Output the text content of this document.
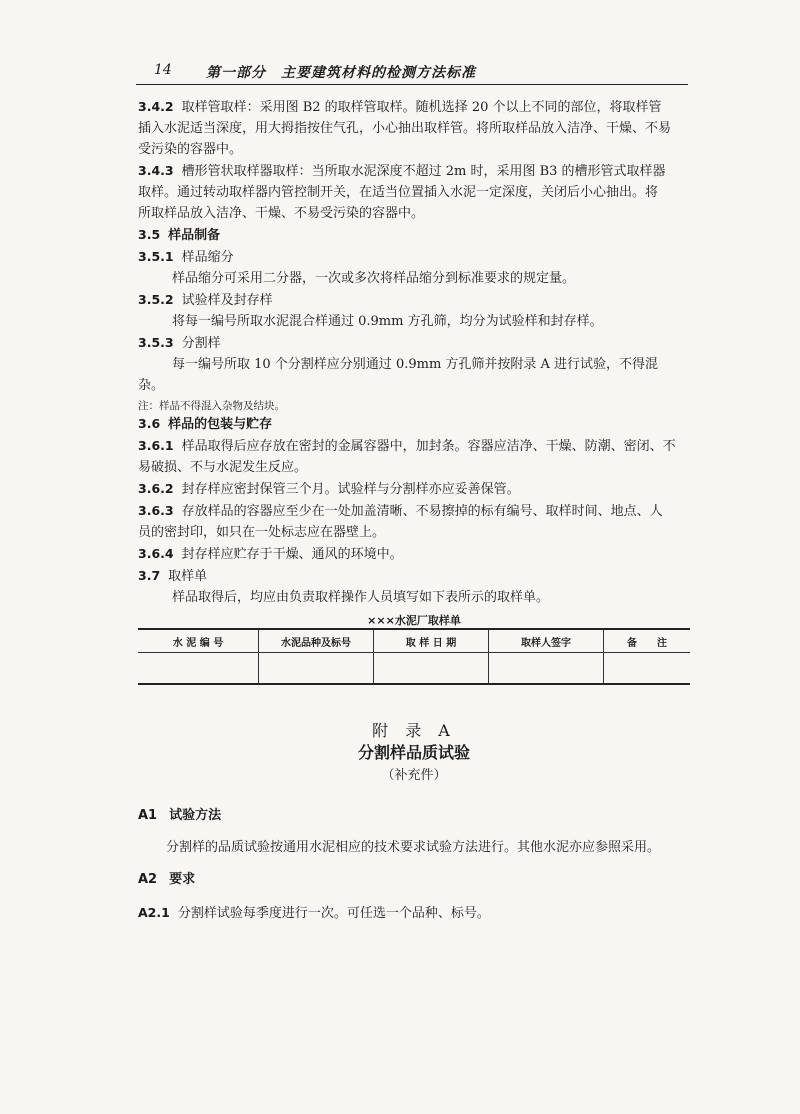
14 第一部分　主要建筑材料的检测方法标准
3.4.2 取样管取样：采用图 B2 的取样管取样。随机选择 20 个以上不同的部位，将取样管
插入水泥适当深度，用大拇指按住气孔，小心抽出取样管。将所取样品放入洁净、干燥、不易
受污染的容器中。
3.4.3 槽形管状取样器取样：当所取水泥深度不超过 2m 时，采用图 B3 的槽形管式取样器
取样。通过转动取样器内管控制开关，在适当位置插入水泥一定深度，关闭后小心抽出。将
所取样品放入洁净、干燥、不易受污染的容器中。
3.5 样品制备
3.5.1 样品缩分
样品缩分可采用二分器，一次或多次将样品缩分到标准要求的规定量。
3.5.2 试验样及封存样
将每一编号所取水泥混合样通过 0.9mm 方孔筛，均分为试验样和封存样。
3.5.3 分割样
每一编号所取 10 个分割样应分别通过 0.9mm 方孔筛并按附录 A 进行试验，不得混
杂。
注：样品不得混入杂物及结块。
3.6 样品的包装与贮存
3.6.1 样品取得后应存放在密封的金属容器中，加封条。容器应洁净、干燥、防潮、密闭、不
易破损、不与水泥发生反应。
3.6.2 封存样应密封保管三个月。试验样与分割样亦应妥善保管。
3.6.3 存放样品的容器应至少在一处加盖清晰、不易擦掉的标有编号、取样时间、地点、人
员的密封印，如只在一处标志应在器壁上。
3.6.4 封存样应贮存于干燥、通风的环境中。
3.7 取样单
样品取得后，均应由负责取样操作人员填写如下表所示的取样单。
×××水泥厂取样单
水 泥 编 号	水泥品种及标号	取 样 日 期	取样人签字	备　　注

附 录 A
分割样品质试验
（补充件）
A1 试验方法
分割样的品质试验按通用水泥相应的技术要求试验方法进行。其他水泥亦应参照采用。
A2 要求
A2.1 分割样试验每季度进行一次。可任选一个品种、标号。
